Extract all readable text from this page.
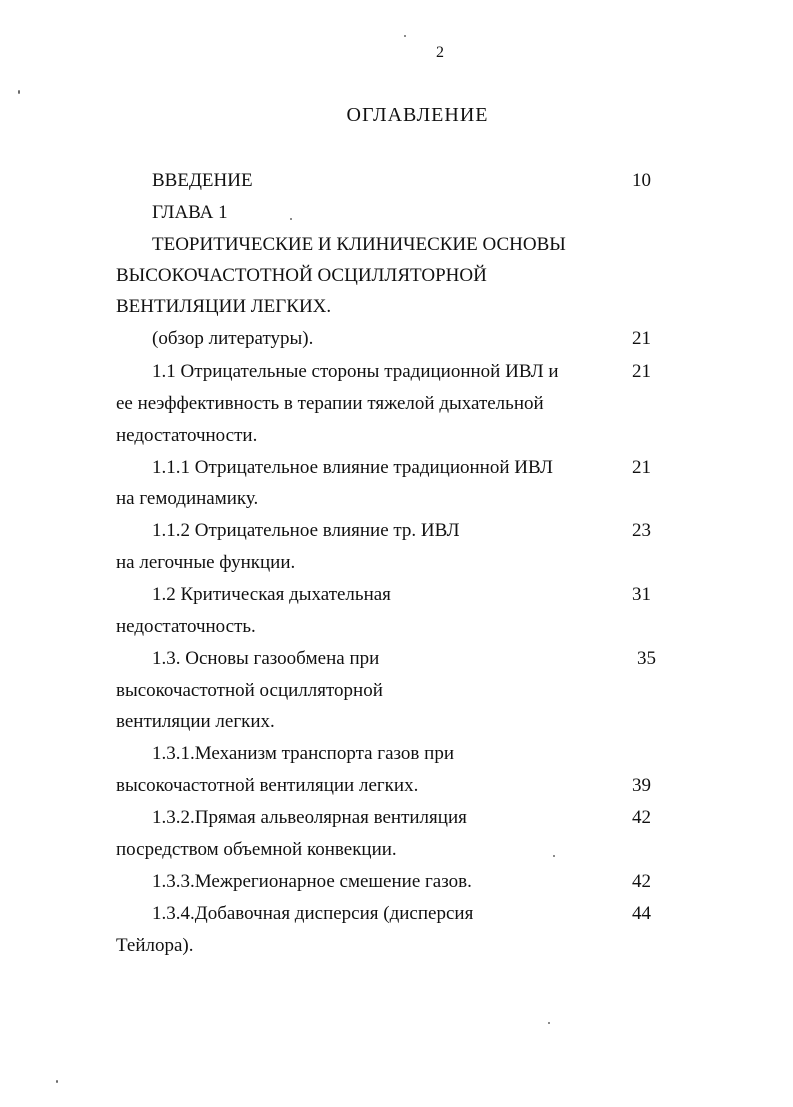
2
ОГЛАВЛЕНИЕ
ВВЕДЕНИЕ	10
ГЛАВА 1
ТЕОРИТИЧЕСКИЕ И КЛИНИЧЕСКИЕ ОСНОВЫ
ВЫСОКОЧАСТОТНОЙ ОСЦИЛЛЯТОРНОЙ
ВЕНТИЛЯЦИИ ЛЕГКИХ.
(обзор литературы).	21
1.1 Отрицательные стороны традиционной ИВЛ и	21
ее неэффективность в терапии тяжелой дыхательной
недостаточности.
1.1.1 Отрицательное влияние традиционной ИВЛ	21
на гемодинамику.
1.1.2 Отрицательное влияние тр. ИВЛ	23
на легочные функции.
1.2 Критическая дыхательная	31
недостаточность.
1.3. Основы газообмена при	35
высокочастотной осцилляторной
вентиляции легких.
1.3.1.Механизм транспорта газов при
высокочастотной вентиляции легких.	39
1.3.2.Прямая альвеолярная вентиляция	42
посредством объемной конвекции.
1.3.3.Межрегионарное смешение газов.	42
1.3.4.Добавочная дисперсия (дисперсия	44
Тейлора).
